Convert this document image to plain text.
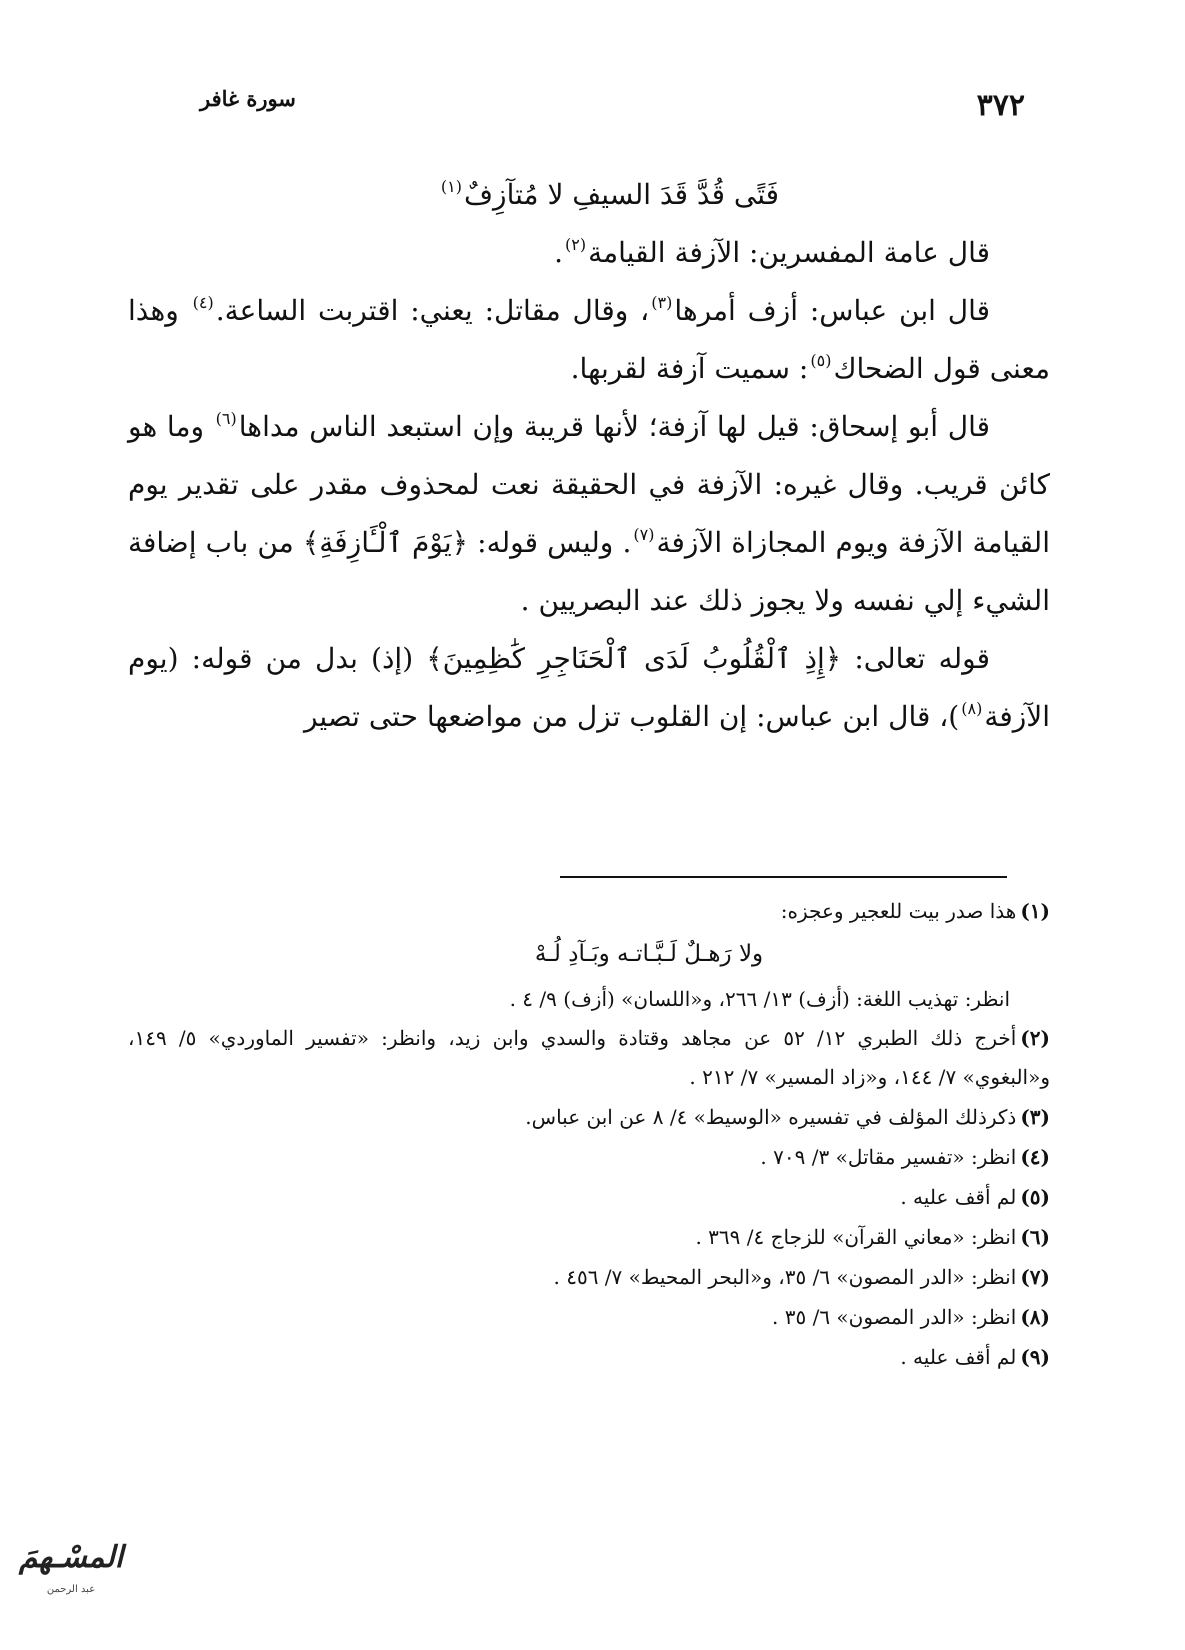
٣٧٢
سورة غافر

فَتًى قُدَّ قَدَ السيفِ لا مُتآزِفٌ$^{(١)}$

قال عامة المفسرين: الآزفة القيامة$^{(٢)}$.

قال ابن عباس: أزف أمرها$^{(٣)}$، وقال مقاتل: يعني: اقتربت الساعة.$^{(٤)}$ وهذا معنى قول الضحاك$^{(٥)}$: سميت آزفة لقربها.

قال أبو إسحاق: قيل لها آزفة؛ لأنها قريبة وإن استبعد الناس مداها$^{(٦)}$ وما هو كائن قريب. وقال غيره: الآزفة في الحقيقة نعت لمحذوف مقدر على تقدير يوم القيامة الآزفة ويوم المجازاة الآزفة$^{(٧)}$. وليس قوله: ﴿يَوْمَ ٱلْـَٔازِفَةِ﴾ من باب إضافة الشيء إلي نفسه ولا يجوز ذلك عند البصريين .

قوله تعالى: ﴿إِذِ ٱلْقُلُوبُ لَدَى ٱلْحَنَاجِرِ كَٰظِمِينَ﴾ (إذ) بدل من قوله: (يوم الآزفة$^{(٨)}$)، قال ابن عباس: إن القلوب تزل من مواضعها حتى تصير

(١)هذا صدر بيت للعجير وعجزه:

ولا رَهـلٌ لَـبَّـاتـه وبَـآدِ لُـهْ

انظر: تهذيب اللغة: (أزف) ١٣/ ٢٦٦، و«اللسان» (أزف) ٩/ ٤ .

(٢)أخرج ذلك الطبري ١٢/ ٥٢ عن مجاهد وقتادة والسدي وابن زيد، وانظر: «تفسير الماوردي» ٥/ ١٤٩، و«البغوي» ٧/ ١٤٤، و«زاد المسير» ٧/ ٢١٢ .

(٣)ذكرذلك المؤلف في تفسيره «الوسيط» ٤/ ٨ عن ابن عباس.

(٤)انظر: «تفسير مقاتل» ٣/ ٧٠٩ .

(٥)لم أقف عليه .

(٦)انظر: «معاني القرآن» للزجاج ٤/ ٣٦٩ .

(٧)انظر: «الدر المصون» ٦/ ٣٥، و«البحر المحيط» ٧/ ٤٥٦ .

(٨)انظر: «الدر المصون» ٦/ ٣٥ .

(٩)لم أقف عليه .

المسْـهمَ
عبد الرحمن
